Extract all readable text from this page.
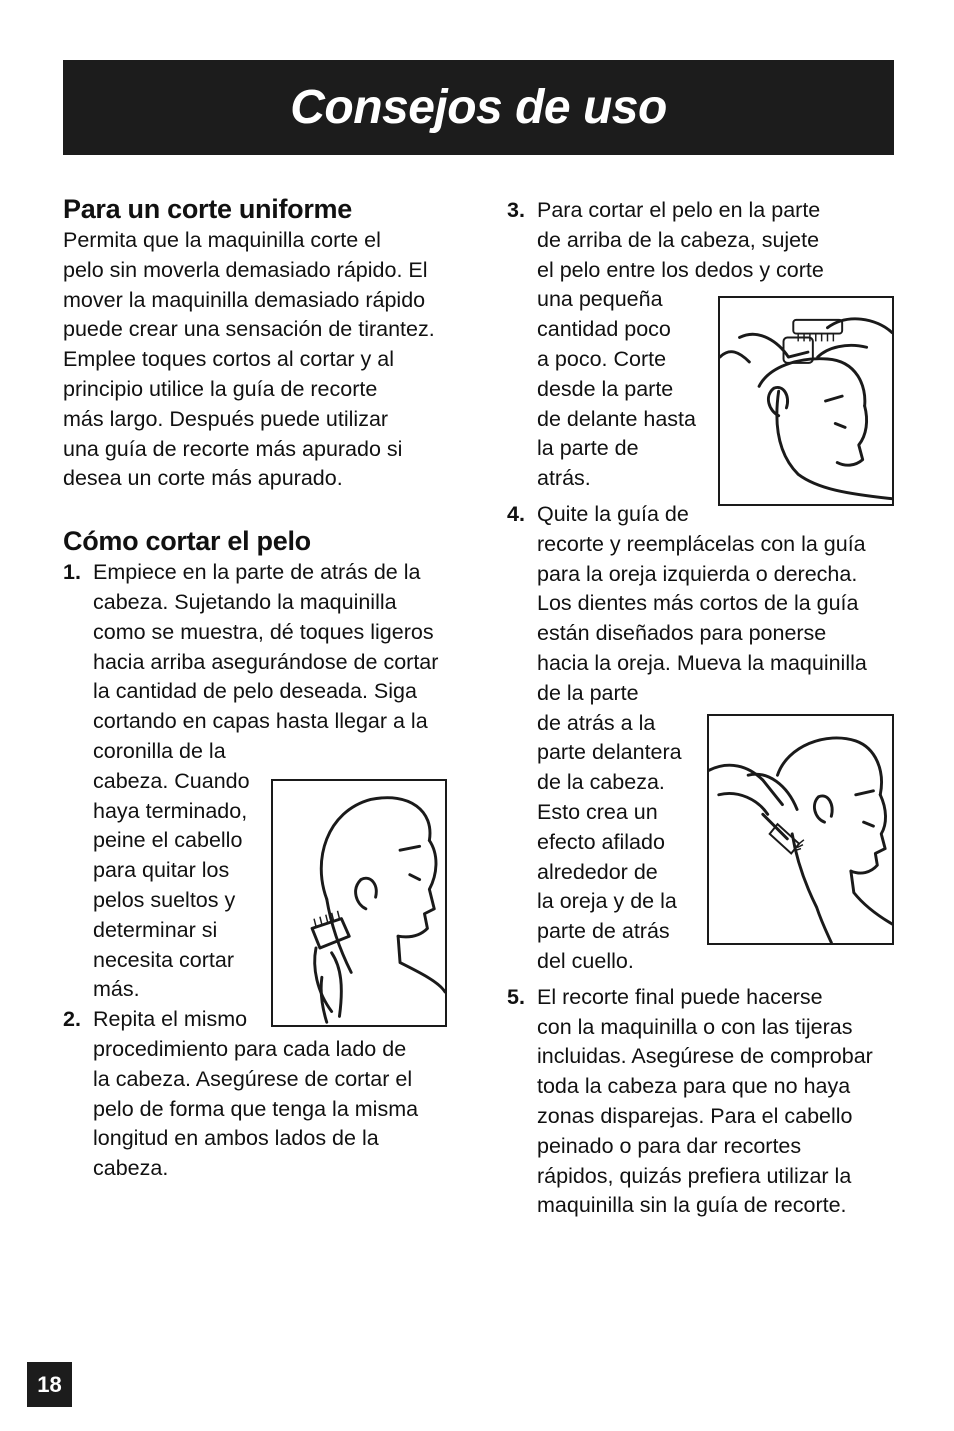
Consejos de uso
Para un corte uniforme

Permita que la maquinilla corte el
pelo sin moverla demasiado rápido. El
mover la maquinilla demasiado rápido
puede crear una sensación de tirantez.
Emplee toques cortos al cortar y al
principio utilice la guía de recorte
más largo. Después puede utilizar
una guía de recorte más apurado si
desea un corte más apurado.

Cómo cortar el pelo
1. Empiece en la parte de atrás de la
cabeza. Sujetando la maquinilla
como se muestra, dé toques ligeros
hacia arriba asegurándose de cortar
la cantidad de pelo deseada. Siga
cortando en capas hasta llegar a la
coronilla de la
cabeza. Cuando
haya terminado,
peine el cabello
para quitar los
pelos sueltos y
determinar si
necesita cortar
más.
2. Repita el mismo
procedimiento para cada lado de
la cabeza. Asegúrese de cortar el
pelo de forma que tenga la misma
longitud en ambos lados de la
cabeza.
3. Para cortar el pelo en la parte
de arriba de la cabeza, sujete
el pelo entre los dedos y corte
una pequeña
cantidad poco
a poco. Corte
desde la parte
de delante hasta
la parte de
atrás.
4. Quite la guía de
recorte y reemplácelas con la guía
para la oreja izquierda o derecha.
Los dientes más cortos de la guía
están diseñados para ponerse
hacia la oreja. Mueva la maquinilla
de la parte
de atrás a la
parte delantera
de la cabeza.
Esto crea un
efecto afilado
alrededor de
la oreja y de la
parte de atrás
del cuello.
5. El recorte final puede hacerse
con la maquinilla o con las tijeras
incluidas. Asegúrese de comprobar
toda la cabeza para que no haya
zonas disparejas. Para el cabello
peinado o para dar recortes
rápidos, quizás prefiera utilizar la
maquinilla sin la guía de recorte.
18
